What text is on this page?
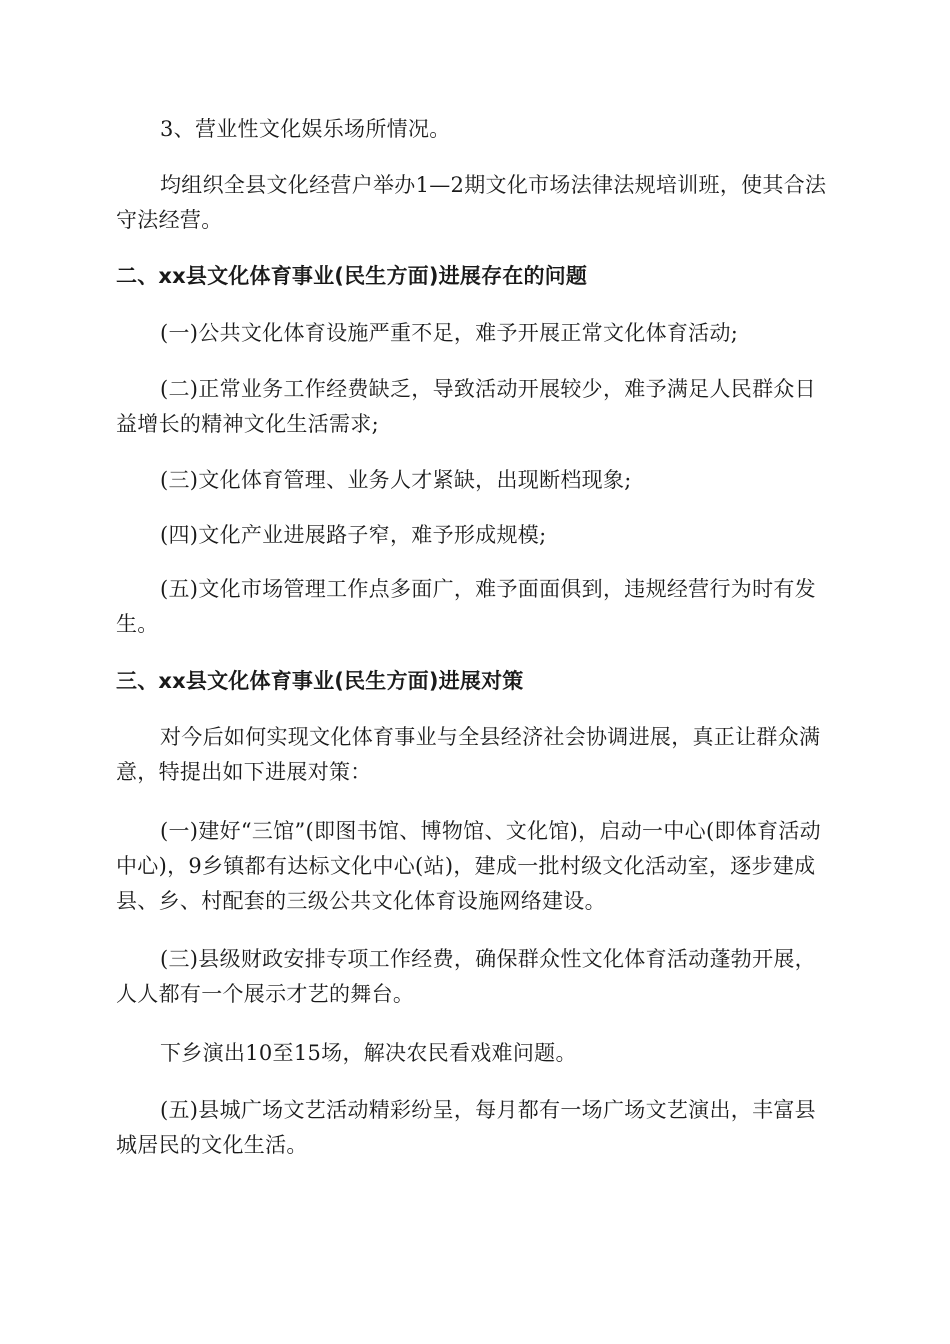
3、营业性文化娱乐场所情况。

均组织全县文化经营户举办1—2期文化市场法律法规培训班，使其合法守法经营。

二、xx县文化体育事业(民生方面)进展存在的问题

(一)公共文化体育设施严重不足，难予开展正常文化体育活动;

(二)正常业务工作经费缺乏，导致活动开展较少，难予满足人民群众日益增长的精神文化生活需求;

(三)文化体育管理、业务人才紧缺，出现断档现象;

(四)文化产业进展路子窄，难予形成规模;

(五)文化市场管理工作点多面广，难予面面俱到，违规经营行为时有发生。

三、xx县文化体育事业(民生方面)进展对策

对今后如何实现文化体育事业与全县经济社会协调进展，真正让群众满意，特提出如下进展对策：

(一)建好“三馆”(即图书馆、博物馆、文化馆)，启动一中心(即体育活动中心)，9乡镇都有达标文化中心(站)，建成一批村级文化活动室，逐步建成县、乡、村配套的三级公共文化体育设施网络建设。

(三)县级财政安排专项工作经费，确保群众性文化体育活动蓬勃开展，人人都有一个展示才艺的舞台。

下乡演出10至15场，解决农民看戏难问题。

(五)县城广场文艺活动精彩纷呈，每月都有一场广场文艺演出，丰富县城居民的文化生活。
